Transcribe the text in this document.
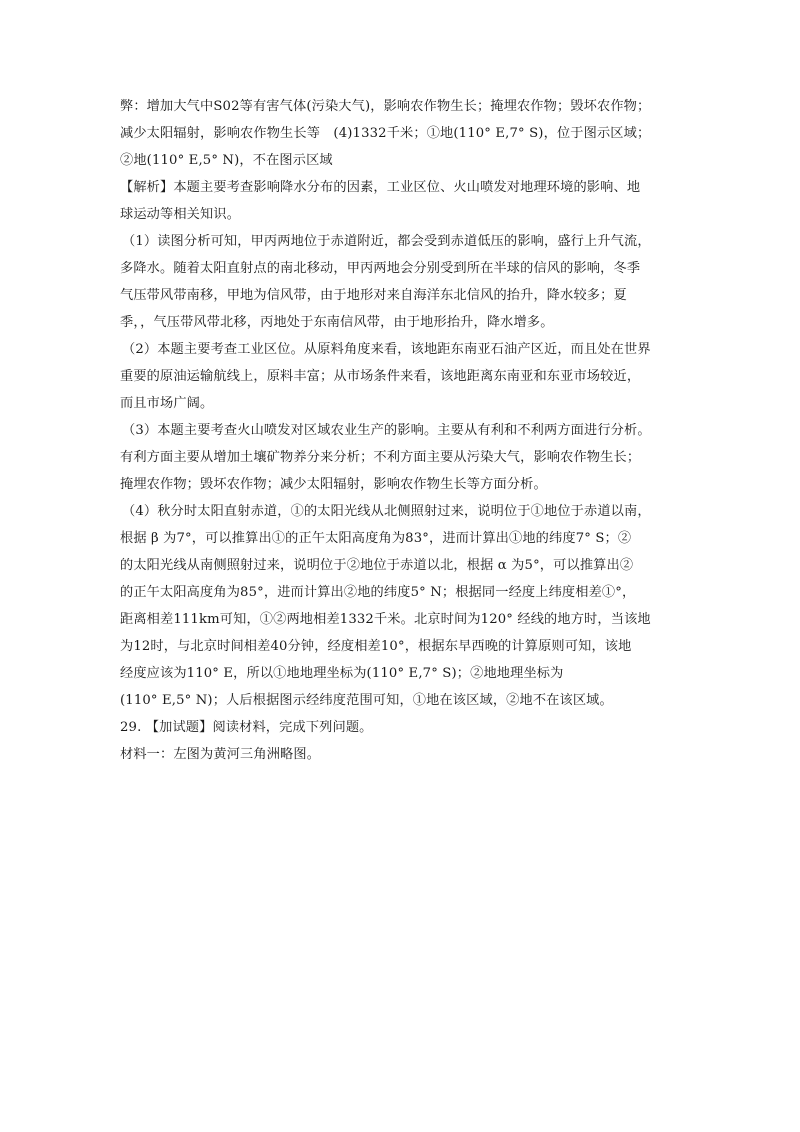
弊：增加大气中S02等有害气体(污染大气)，影响农作物生长；掩埋农作物；毁坏农作物；
减少太阳辐射，影响农作物生长等　(4)1332千米；①地(110° E,7° S)，位于图示区域；
②地(110° E,5° N)，不在图示区域
【解析】本题主要考查影响降水分布的因素，工业区位、火山喷发对地理环境的影响、地
球运动等相关知识。
（1）读图分析可知，甲丙两地位于赤道附近，都会受到赤道低压的影响，盛行上升气流，
多降水。随着太阳直射点的南北移动，甲丙两地会分别受到所在半球的信风的影响，冬季
气压带风带南移，甲地为信风带，由于地形对来自海洋东北信风的抬升，降水较多；夏
季，，气压带风带北移，丙地处于东南信风带，由于地形抬升，降水增多。
（2）本题主要考查工业区位。从原料角度来看，该地距东南亚石油产区近，而且处在世界
重要的原油运输航线上，原料丰富；从市场条件来看，该地距离东南亚和东亚市场较近，
而且市场广阔。
（3）本题主要考查火山喷发对区域农业生产的影响。主要从有利和不利两方面进行分析。
有利方面主要从增加土壤矿物养分来分析；不利方面主要从污染大气，影响农作物生长；
掩埋农作物；毁坏农作物；减少太阳辐射，影响农作物生长等方面分析。
（4）秋分时太阳直射赤道，①的太阳光线从北侧照射过来，说明位于①地位于赤道以南，
根据 β 为7°，可以推算出①的正午太阳高度角为83°，进而计算出①地的纬度7° S；②
的太阳光线从南侧照射过来，说明位于②地位于赤道以北，根据 α 为5°，可以推算出②
的正午太阳高度角为85°，进而计算出②地的纬度5° N；根据同一经度上纬度相差①°，
距离相差111km可知，①②两地相差1332千米。北京时间为120° 经线的地方时，当该地
为12时，与北京时间相差40分钟，经度相差10°，根据东早西晚的计算原则可知，该地
经度应该为110° E，所以①地地理坐标为(110° E,7° S)；②地地理坐标为
(110° E,5° N)；人后根据图示经纬度范围可知，①地在该区域，②地不在该区域。
29. 【加试题】阅读材料，完成下列问题。
材料一：左图为黄河三角洲略图。
